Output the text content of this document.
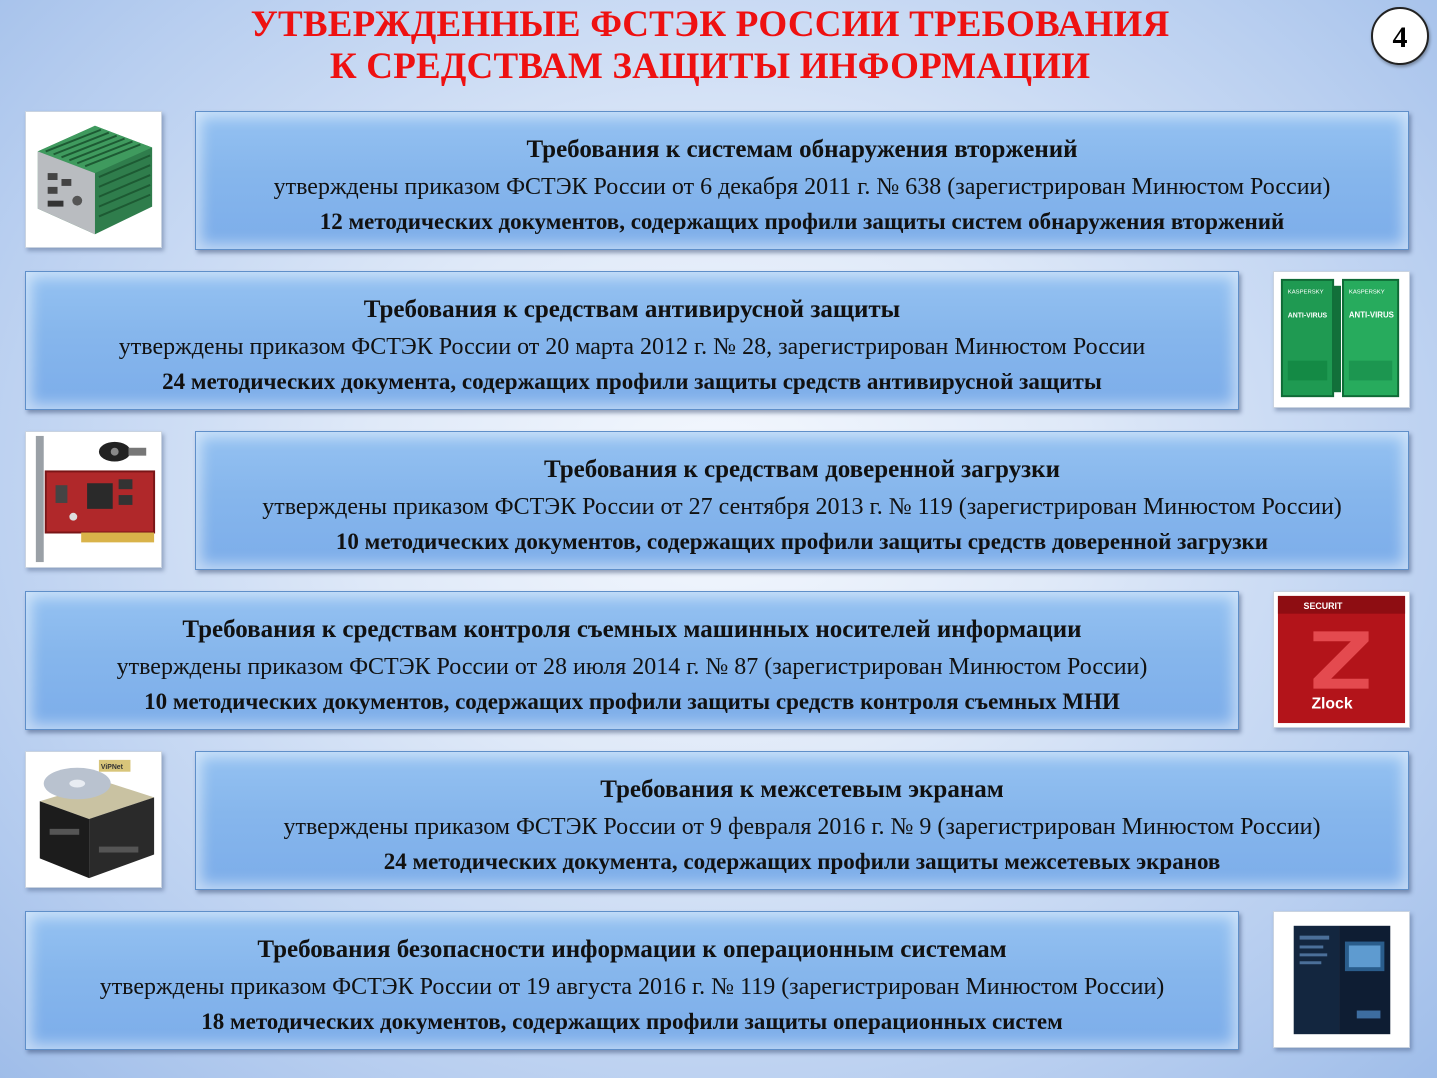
УТВЕРЖДЕННЫЕ ФСТЭК РОССИИ ТРЕБОВАНИЯ
К СРЕДСТВАМ ЗАЩИТЫ ИНФОРМАЦИИ
4
Требования к системам обнаружения вторжений
утверждены приказом ФСТЭК России от 6 декабря 2011 г. № 638 (зарегистрирован Минюстом России)
12 методических документов, содержащих профили защиты систем обнаружения вторжений
Требования к средствам антивирусной защиты
утверждены приказом ФСТЭК России от 20 марта 2012 г. № 28, зарегистрирован Минюстом России
24 методических документа, содержащих профили защиты средств антивирусной защиты
KASPERSKY	KASPERSKY
ANTI-VIRUS	ANTI-VIRUS
Требования к средствам доверенной загрузки
утверждены приказом ФСТЭК России от 27 сентября 2013 г. № 119 (зарегистрирован Минюстом России)
10 методических документов, содержащих профили защиты средств доверенной загрузки
Требования к средствам контроля съемных машинных носителей информации
утверждены приказом ФСТЭК России от 28 июля 2014 г. № 87 (зарегистрирован Минюстом России)
10 методических документов, содержащих профили защиты средств контроля съемных МНИ
SECURIT
Zlock
ViPNet
Требования к межсетевым экранам
утверждены приказом ФСТЭК России от 9 февраля 2016 г. № 9 (зарегистрирован Минюстом России)
24 методических документа, содержащих профили защиты межсетевых экранов
Требования безопасности информации к операционным системам
утверждены приказом ФСТЭК России от 19 августа 2016 г. № 119 (зарегистрирован Минюстом России)
18 методических документов, содержащих профили защиты операционных систем
